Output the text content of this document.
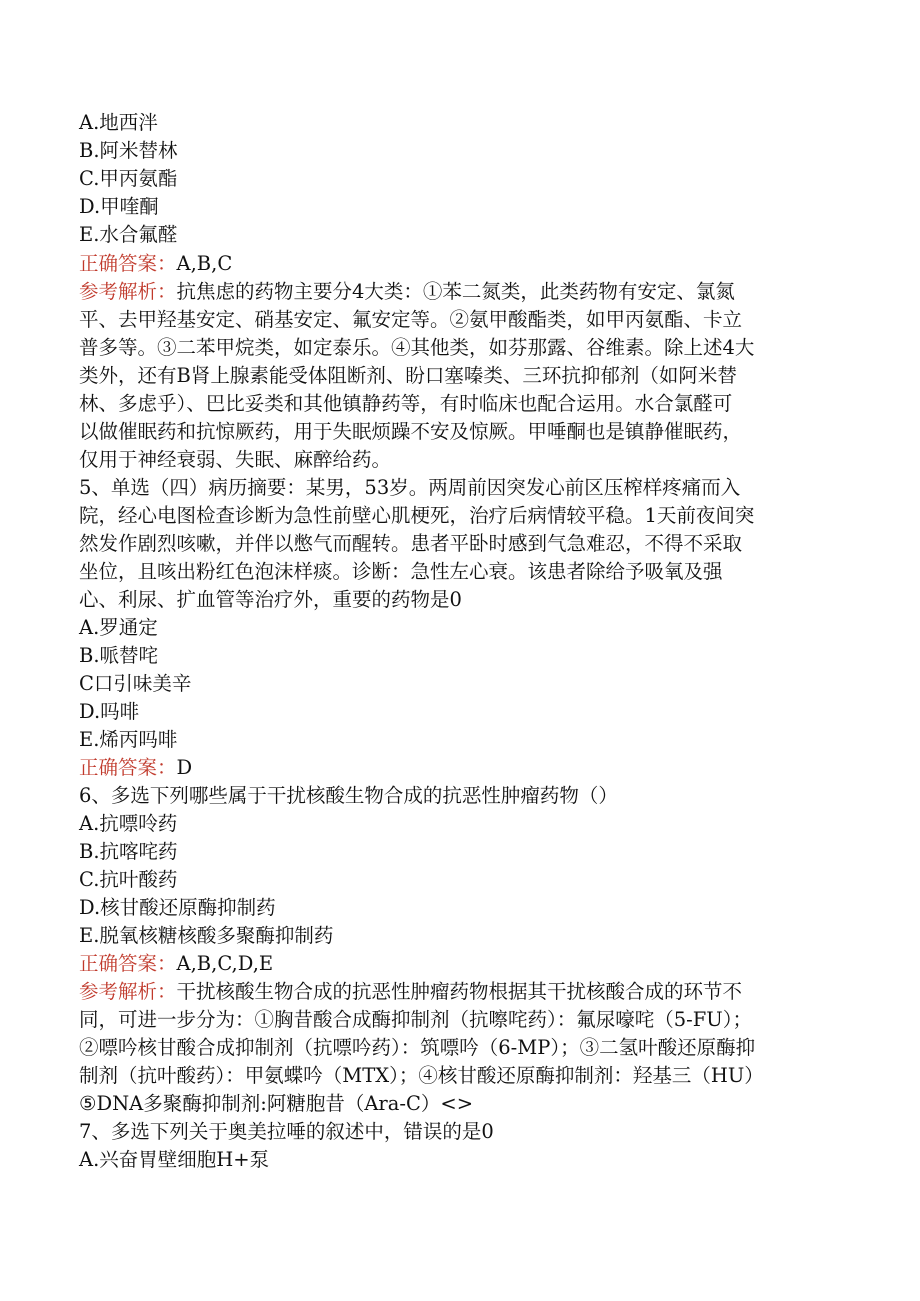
A.地西泮

B.阿米替林

C.甲丙氨酯

D.甲喹酮

E.水合氟醛

正确答案：A,B,C

参考解析：抗焦虑的药物主要分4大类：①苯二氮类，此类药物有安定、氯氮

平、去甲羟基安定、硝基安定、氟安定等。②氨甲酸酯类，如甲丙氨酯、卡立

普多等。③二苯甲烷类，如定泰乐。④其他类，如芬那露、谷维素。除上述4大

类外，还有B肾上腺素能受体阻断剂、盼口塞嗪类、三环抗抑郁剂（如阿米替

林、多虑乎）、巴比妥类和其他镇静药等，有时临床也配合运用。水合氯醛可

以做催眠药和抗惊厥药，用于失眠烦躁不安及惊厥。甲唾酮也是镇静催眠药，

仅用于神经衰弱、失眠、麻醉给药。

5、单选（四）病历摘要：某男，53岁。两周前因突发心前区压榨样疼痛而入

院，经心电图检查诊断为急性前壁心肌梗死，治疗后病情较平稳。1天前夜间突

然发作剧烈咳嗽，并伴以憋气而醒转。患者平卧时感到气急难忍，不得不采取

坐位，且咳出粉红色泡沫样痰。诊断：急性左心衰。该患者除给予吸氧及强

心、利尿、扩血管等治疗外，重要的药物是0

A.罗通定

B.哌替咤

C口引味美辛

D.吗啡

E.烯丙吗啡

正确答案：D

6、多选下列哪些属于干扰核酸生物合成的抗恶性肿瘤药物（）

A.抗嘌呤药

B.抗喀咤药

C.抗叶酸药

D.核甘酸还原酶抑制药

E.脱氧核糖核酸多聚酶抑制药

正确答案：A,B,C,D,E

参考解析：干扰核酸生物合成的抗恶性肿瘤药物根据其干扰核酸合成的环节不

同，可进一步分为：①胸昔酸合成酶抑制剂（抗嚓咤药）：氟尿嚎咤（5-FU）；

②嘌吟核甘酸合成抑制剂（抗嘌吟药）：筑嘌吟（6-MP）；③二氢叶酸还原酶抑

制剂（抗叶酸药）：甲氨蝶吟（MTX）；④核甘酸还原酶抑制剂：羟基三（HU）

⑤DNA多聚酶抑制剂:阿糖胞昔（Ara-C）<>

7、多选下列关于奥美拉唾的叙述中，错误的是0

A.兴奋胃壁细胞H+泵
